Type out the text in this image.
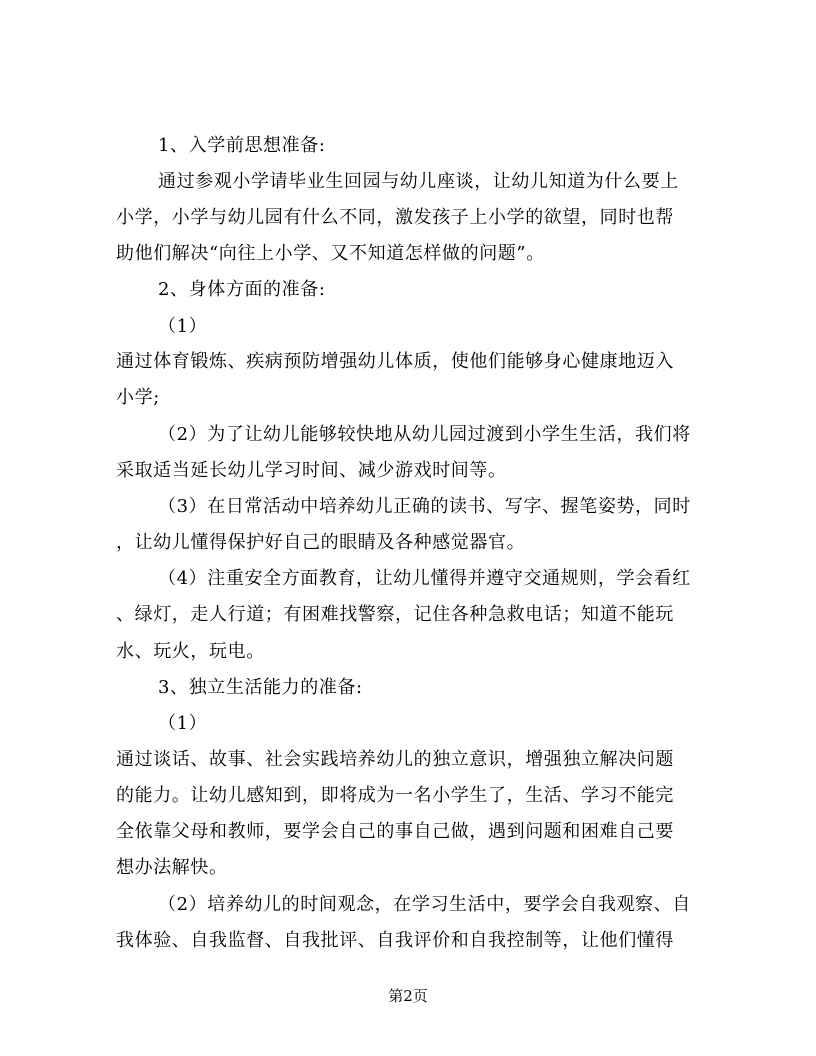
1、入学前思想准备:
通过参观小学请毕业生回园与幼儿座谈，让幼儿知道为什么要上
小学，小学与幼儿园有什么不同，激发孩子上小学的欲望，同时也帮
助他们解决“向往上小学、又不知道怎样做的问题”。
2、身体方面的准备:
（1）
通过体育锻炼、疾病预防增强幼儿体质，使他们能够身心健康地迈入
小学;
（2）为了让幼儿能够较快地从幼儿园过渡到小学生生活，我们将
采取适当延长幼儿学习时间、减少游戏时间等。
（3）在日常活动中培养幼儿正确的读书、写字、握笔姿势，同时
，让幼儿懂得保护好自己的眼睛及各种感觉器官。
（4）注重安全方面教育，让幼儿懂得并遵守交通规则，学会看红
、绿灯，走人行道；有困难找警察，记住各种急救电话；知道不能玩
水、玩火，玩电。
3、独立生活能力的准备:
（1）
通过谈话、故事、社会实践培养幼儿的独立意识，增强独立解决问题
的能力。让幼儿感知到，即将成为一名小学生了，生活、学习不能完
全依靠父母和教师，要学会自己的事自己做，遇到问题和困难自己要
想办法解快。
（2）培养幼儿的时间观念，在学习生活中，要学会自我观察、自
我体验、自我监督、自我批评、自我评价和自我控制等，让他们懂得
第2页
